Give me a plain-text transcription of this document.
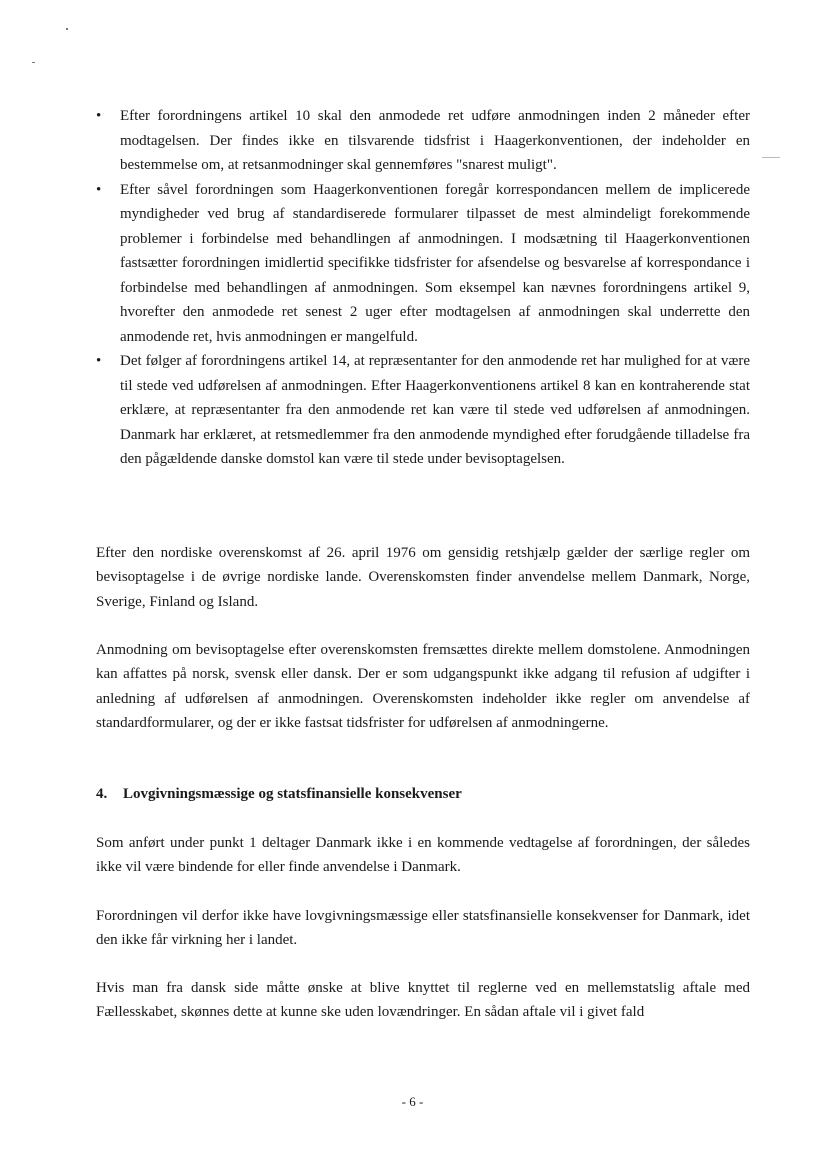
• Efter forordningens artikel 10 skal den anmodede ret udføre anmodningen inden 2 måneder efter modtagelsen. Der findes ikke en tilsvarende tidsfrist i Haagerkonventionen, der indeholder en bestemmelse om, at retsanmodninger skal gennemføres "snarest muligt".
• Efter såvel forordningen som Haagerkonventionen foregår korrespondancen mellem de implicerede myndigheder ved brug af standardiserede formularer tilpasset de mest almindeligt forekommende problemer i forbindelse med behandlingen af anmodningen. I modsætning til Haagerkonventionen fastsætter forordningen imidlertid specifikke tidsfrister for afsendelse og besvarelse af korrespondance i forbindelse med behandlingen af anmodningen. Som eksempel kan nævnes forordningens artikel 9, hvorefter den anmodede ret senest 2 uger efter modtagelsen af anmodningen skal underrette den anmodende ret, hvis anmodningen er mangelfuld.
• Det følger af forordningens artikel 14, at repræsentanter for den anmodende ret har mulighed for at være til stede ved udførelsen af anmodningen. Efter Haagerkonventionens artikel 8 kan en kontraherende stat erklære, at repræsentanter fra den anmodende ret kan være til stede ved udførelsen af anmodningen. Danmark har erklæret, at retsmedlemmer fra den anmodende myndighed efter forudgående tilladelse fra den pågældende danske domstol kan være til stede under bevisoptagelsen.

Efter den nordiske overenskomst af 26. april 1976 om gensidig retshjælp gælder der særlige regler om bevisoptagelse i de øvrige nordiske lande. Overenskomsten finder anvendelse mellem Danmark, Norge, Sverige, Finland og Island.

Anmodning om bevisoptagelse efter overenskomsten fremsættes direkte mellem domstolene. Anmodningen kan affattes på norsk, svensk eller dansk. Der er som udgangspunkt ikke adgang til refusion af udgifter i anledning af udførelsen af anmodningen. Overenskomsten indeholder ikke regler om anvendelse af standardformularer, og der er ikke fastsat tidsfrister for udførelsen af anmodningerne.

4. Lovgivningsmæssige og statsfinansielle konsekvenser

Som anført under punkt 1 deltager Danmark ikke i en kommende vedtagelse af forordningen, der således ikke vil være bindende for eller finde anvendelse i Danmark.

Forordningen vil derfor ikke have lovgivningsmæssige eller statsfinansielle konsekvenser for Danmark, idet den ikke får virkning her i landet.

Hvis man fra dansk side måtte ønske at blive knyttet til reglerne ved en mellemstatslig aftale med Fællesskabet, skønnes dette at kunne ske uden lovændringer. En sådan aftale vil i givet fald

- 6 -
